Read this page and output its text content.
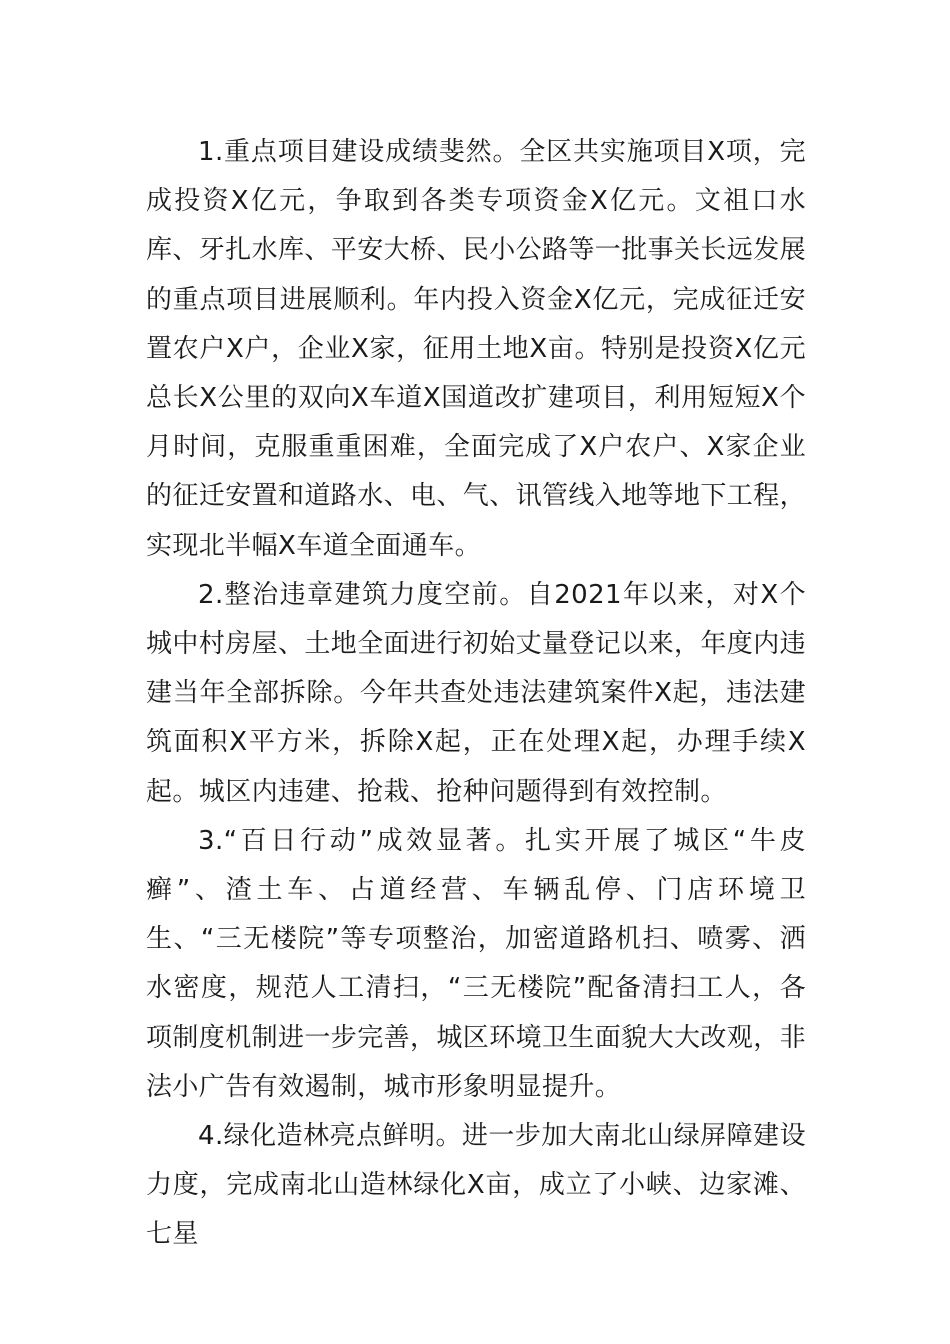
1.重点项目建设成绩斐然。全区共实施项目X项，完成投资X亿元，争取到各类专项资金X亿元。文祖口水库、牙扎水库、平安大桥、民小公路等一批事关长远发展的重点项目进展顺利。年内投入资金X亿元，完成征迁安置农户X户，企业X家，征用土地X亩。特别是投资X亿元总长X公里的双向X车道X国道改扩建项目，利用短短X个月时间，克服重重困难，全面完成了X户农户、X家企业的征迁安置和道路水、电、气、讯管线入地等地下工程，实现北半幅X车道全面通车。

2.整治违章建筑力度空前。自2021年以来，对X个城中村房屋、土地全面进行初始丈量登记以来，年度内违建当年全部拆除。今年共查处违法建筑案件X起，违法建筑面积X平方米，拆除X起，正在处理X起，办理手续X起。城区内违建、抢栽、抢种问题得到有效控制。

3.“百日行动”成效显著。扎实开展了城区“牛皮癣”、渣土车、占道经营、车辆乱停、门店环境卫生、“三无楼院”等专项整治，加密道路机扫、喷雾、洒水密度，规范人工清扫，“三无楼院”配备清扫工人，各项制度机制进一步完善，城区环境卫生面貌大大改观，非法小广告有效遏制，城市形象明显提升。

4.绿化造林亮点鲜明。进一步加大南北山绿屏障建设力度，完成南北山造林绿化X亩，成立了小峡、边家滩、七星
